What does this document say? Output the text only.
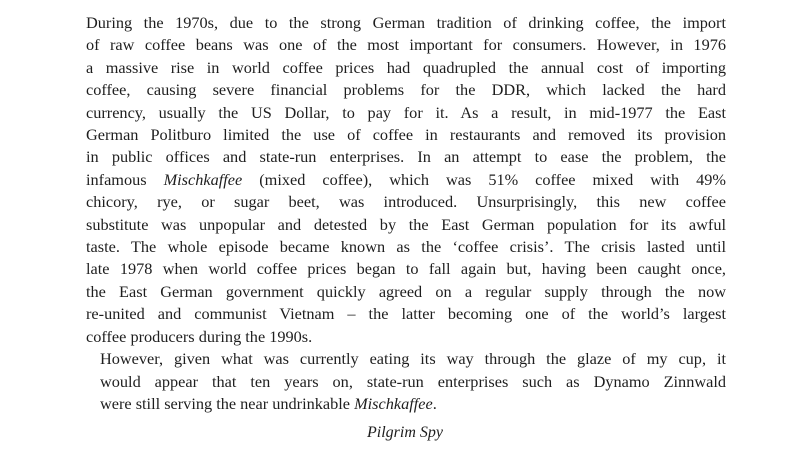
During the 1970s, due to the strong German tradition of drinking coffee, the import
of raw coffee beans was one of the most important for consumers. However, in 1976
a massive rise in world coffee prices had quadrupled the annual cost of importing
coffee, causing severe financial problems for the DDR, which lacked the hard
currency, usually the US Dollar, to pay for it. As a result, in mid-1977 the East
German Politburo limited the use of coffee in restaurants and removed its provision
in public offices and state-run enterprises. In an attempt to ease the problem, the
infamous Mischkaffee (mixed coffee), which was 51% coffee mixed with 49%
chicory, rye, or sugar beet, was introduced. Unsurprisingly, this new coffee
substitute was unpopular and detested by the East German population for its awful
taste. The whole episode became known as the ‘coffee crisis’. The crisis lasted until
late 1978 when world coffee prices began to fall again but, having been caught once,
the East German government quickly agreed on a regular supply through the now
re-united and communist Vietnam – the latter becoming one of the world’s largest
coffee producers during the 1990s.

However, given what was currently eating its way through the glaze of my cup, it
would appear that ten years on, state-run enterprises such as Dynamo Zinnwald
were still serving the near undrinkable Mischkaffee.

Pilgrim Spy
